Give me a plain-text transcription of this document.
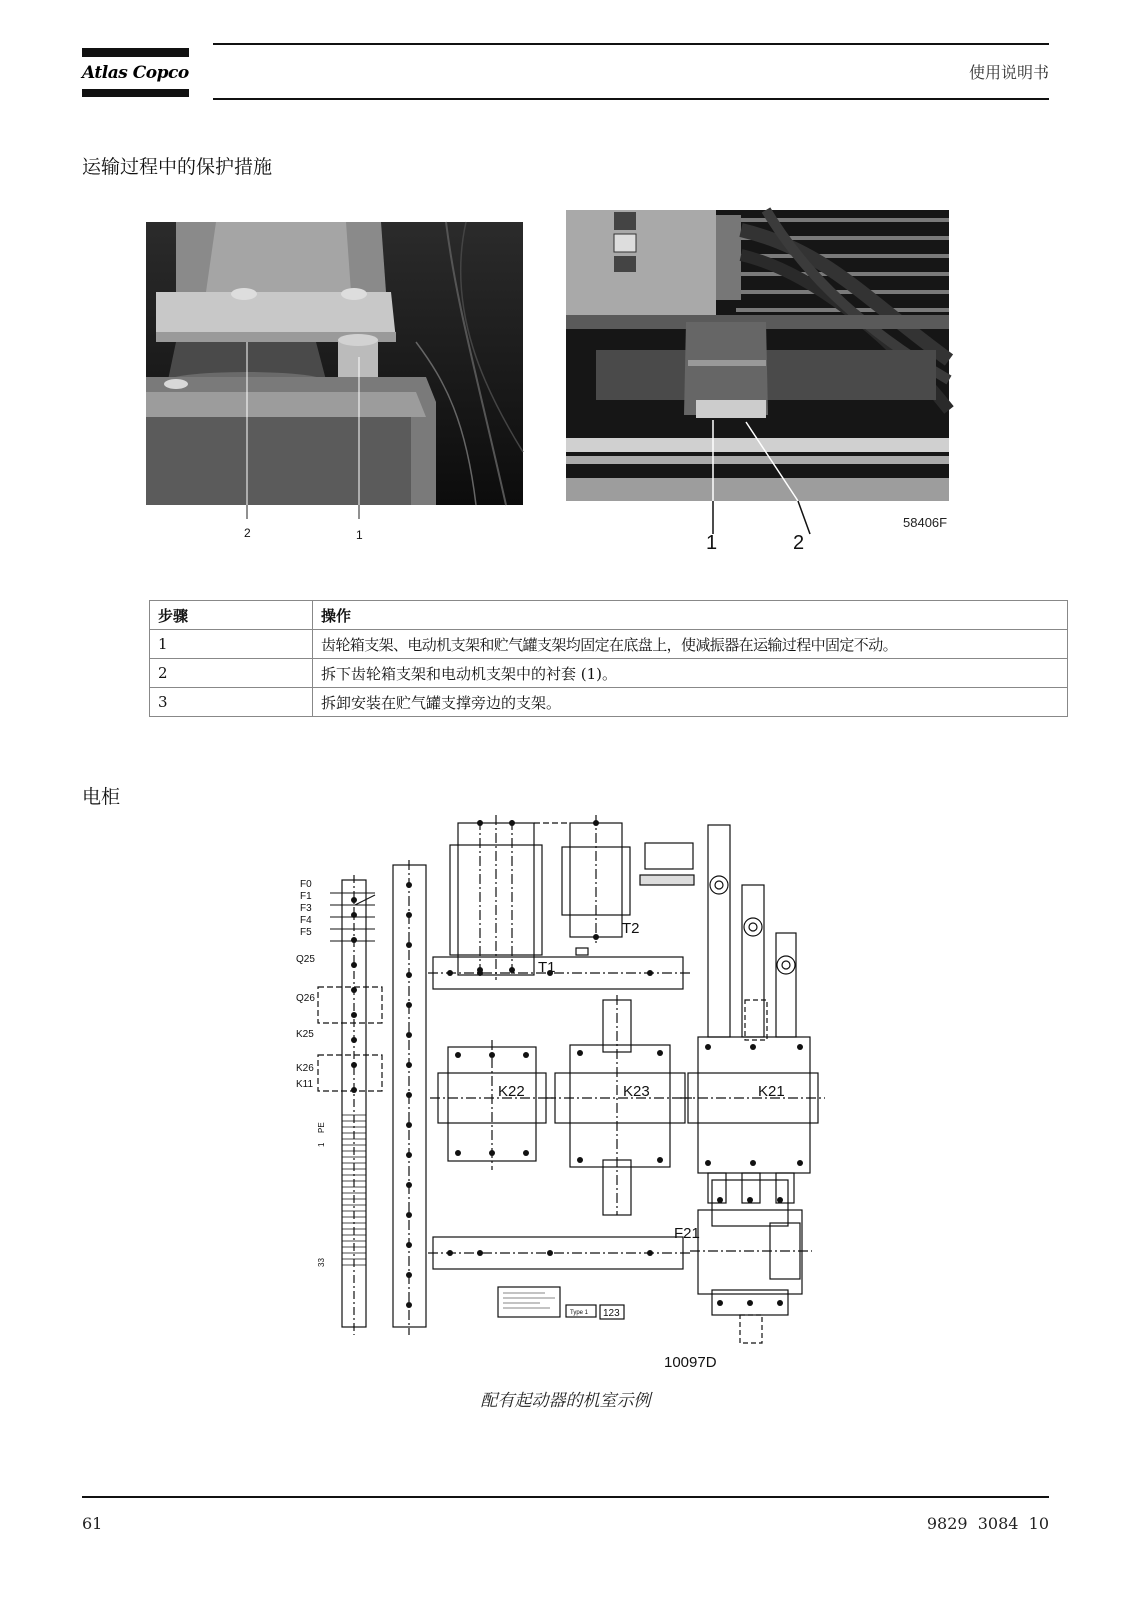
Atlas Copco	使用说明书
运输过程中的保护措施
2	1	1	2
58406F
步骤	操作
1	齿轮箱支架、电动机支架和贮气罐支架均固定在底盘上，使减振器在运输过程中固定不动。
2	拆下齿轮箱支架和电动机支架中的衬套 (1)。
3	拆卸安装在贮气罐支撑旁边的支架。
电柜
F0
F1
F3
F4
F5
Q25
Q26
K25
K26
K11
1
PE
33
Type 1 123
T1
T2
K22	K23	K21
F21
10097D
配有起动器的机室示例
61	9829  3084  10
